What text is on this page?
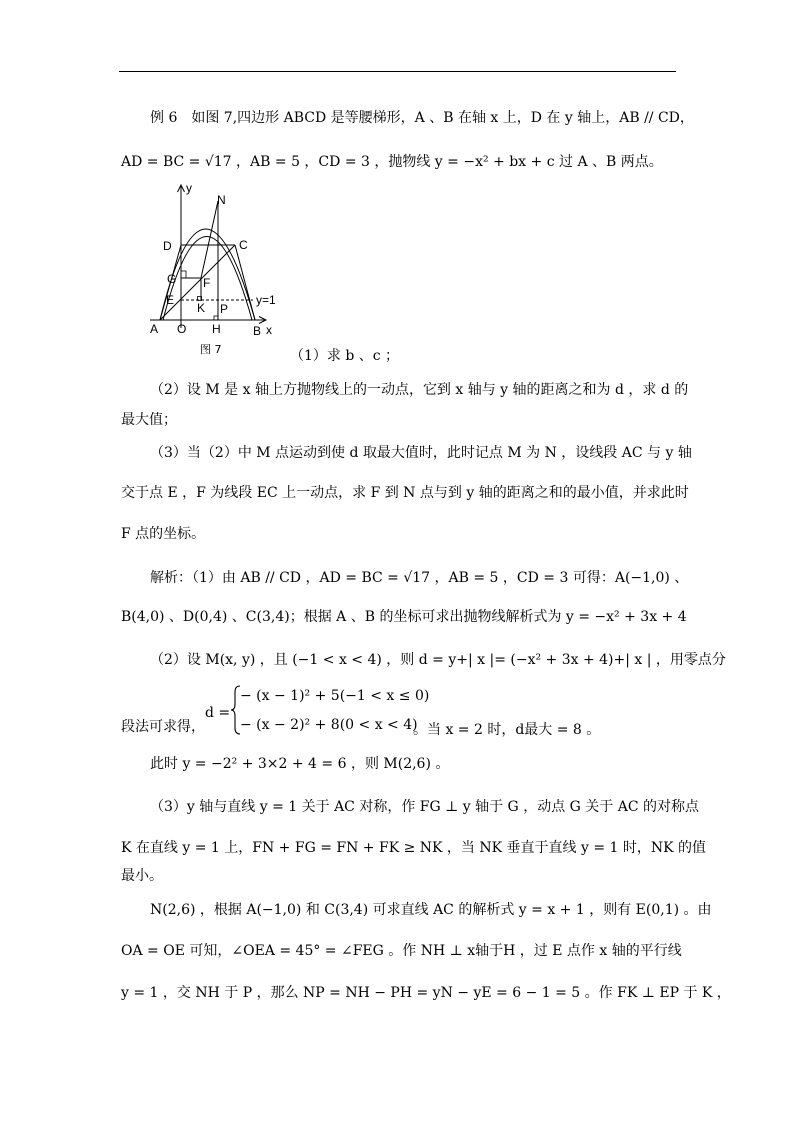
例 6　如图 7,四边形 ABCD 是等腰梯形，A 、B 在轴 x 上，D 在 y 轴上，AB // CD，
AD = BC = √17 ，AB = 5 ，CD = 3 ，抛物线 y = −x² + bx + c 过 A 、B 两点。
y
x
N
D	C
G F
E
K P
A O H	B
y=1
图 7	（1）求 b 、c ；
（2）设 M 是 x 轴上方抛物线上的一动点，它到 x 轴与 y 轴的距离之和为 d ，求 d 的
最大值；
（3）当（2）中 M 点运动到使 d 取最大值时，此时记点 M 为 N ，设线段 AC 与 y 轴
交于点 E ，F 为线段 EC 上一动点，求 F 到 N 点与到 y 轴的距离之和的最小值，并求此时
F 点的坐标。
解析：（1）由 AB // CD ，AD = BC = √17 ，AB = 5 ，CD = 3 可得：A(−1,0) 、
B(4,0) 、D(0,4) 、C(3,4)；根据 A 、B 的坐标可求出抛物线解析式为 y = −x² + 3x + 4
（2）设 M(x, y) ，且 (−1 < x < 4) ，则 d = y+| x |= (−x² + 3x + 4)+| x | ，用零点分
段法可求得，
d =
− (x − 1)² + 5(−1 < x ≤ 0)
− (x − 2)² + 8(0 < x < 4)
。当 x = 2 时，d最大 = 8 。
此时 y = −2² + 3×2 + 4 = 6 ，则 M(2,6) 。
（3）y 轴与直线 y = 1 关于 AC 对称，作 FG ⊥ y 轴于 G ，动点 G 关于 AC 的对称点
K 在直线 y = 1 上，FN + FG = FN + FK ≥ NK ，当 NK 垂直于直线 y = 1 时，NK 的值
最小。
N(2,6) ，根据 A(−1,0) 和 C(3,4) 可求直线 AC 的解析式 y = x + 1 ，则有 E(0,1) 。由
OA = OE 可知，∠OEA = 45° = ∠FEG 。作 NH ⊥ x轴于H ，过 E 点作 x 轴的平行线
y = 1 ，交 NH 于 P ，那么 NP = NH − PH = yN − yE = 6 − 1 = 5 。作 FK ⊥ EP 于 K ，
